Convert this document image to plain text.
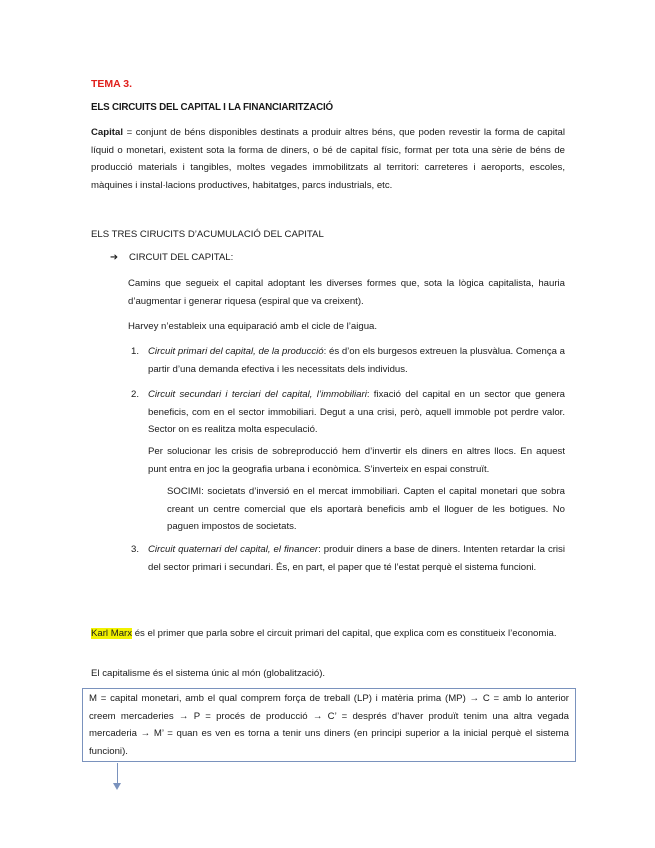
TEMA 3.
ELS CIRCUITS DEL CAPITAL I LA FINANCIARITZACIÓ
Capital = conjunt de béns disponibles destinats a produir altres béns, que poden revestir la forma de capital líquid o monetari, existent sota la forma de diners, o bé de capital físic, format per tota una sèrie de béns de producció materials i tangibles, moltes vegades immobilitzats al territori: carreteres i aeroports, escoles, màquines i instal·lacions productives, habitatges, parcs industrials, etc.
ELS TRES CIRUCITS D’ACUMULACIÓ DEL CAPITAL
➔ CIRCUIT DEL CAPITAL:
Camins que segueix el capital adoptant les diverses formes que, sota la lògica capitalista, hauria d’augmentar i generar riquesa (espiral que va creixent).
Harvey n’estableix una equiparació amb el cicle de l’aigua.
1. Circuit primari del capital, de la producció: és d’on els burgesos extreuen la plusvàlua. Comença a partir d’una demanda efectiva i les necessitats dels individus.
2. Circuit secundari i terciari del capital, l’immobiliari: fixació del capital en un sector que genera beneficis, com en el sector immobiliari. Degut a una crisi, però, aquell immoble pot perdre valor. Sector on es realitza molta especulació.
Per solucionar les crisis de sobreproducció hem d’invertir els diners en altres llocs. En aquest punt entra en joc la geografia urbana i econòmica. S’inverteix en espai construït.
SOCIMI: societats d’inversió en el mercat immobiliari. Capten el capital monetari que sobra creant un centre comercial que els aportarà beneficis amb el lloguer de les botigues. No paguen impostos de societats.
3. Circuit quaternari del capital, el financer: produir diners a base de diners. Intenten retardar la crisi del sector primari i secundari. És, en part, el paper que té l’estat perquè el sistema funcioni.
Karl Marx és el primer que parla sobre el circuit primari del capital, que explica com es constitueix l’economia.
El capitalisme és el sistema únic al món (globalització).
M = capital monetari, amb el qual comprem força de treball (LP) i matèria prima (MP) → C = amb lo anterior creem mercaderies → P = procés de producció → C’ = després d’haver produït tenim una altra vegada mercaderia → M’ = quan es ven es torna a tenir uns diners (en principi superior a la inicial perquè el sistema funcioni).
